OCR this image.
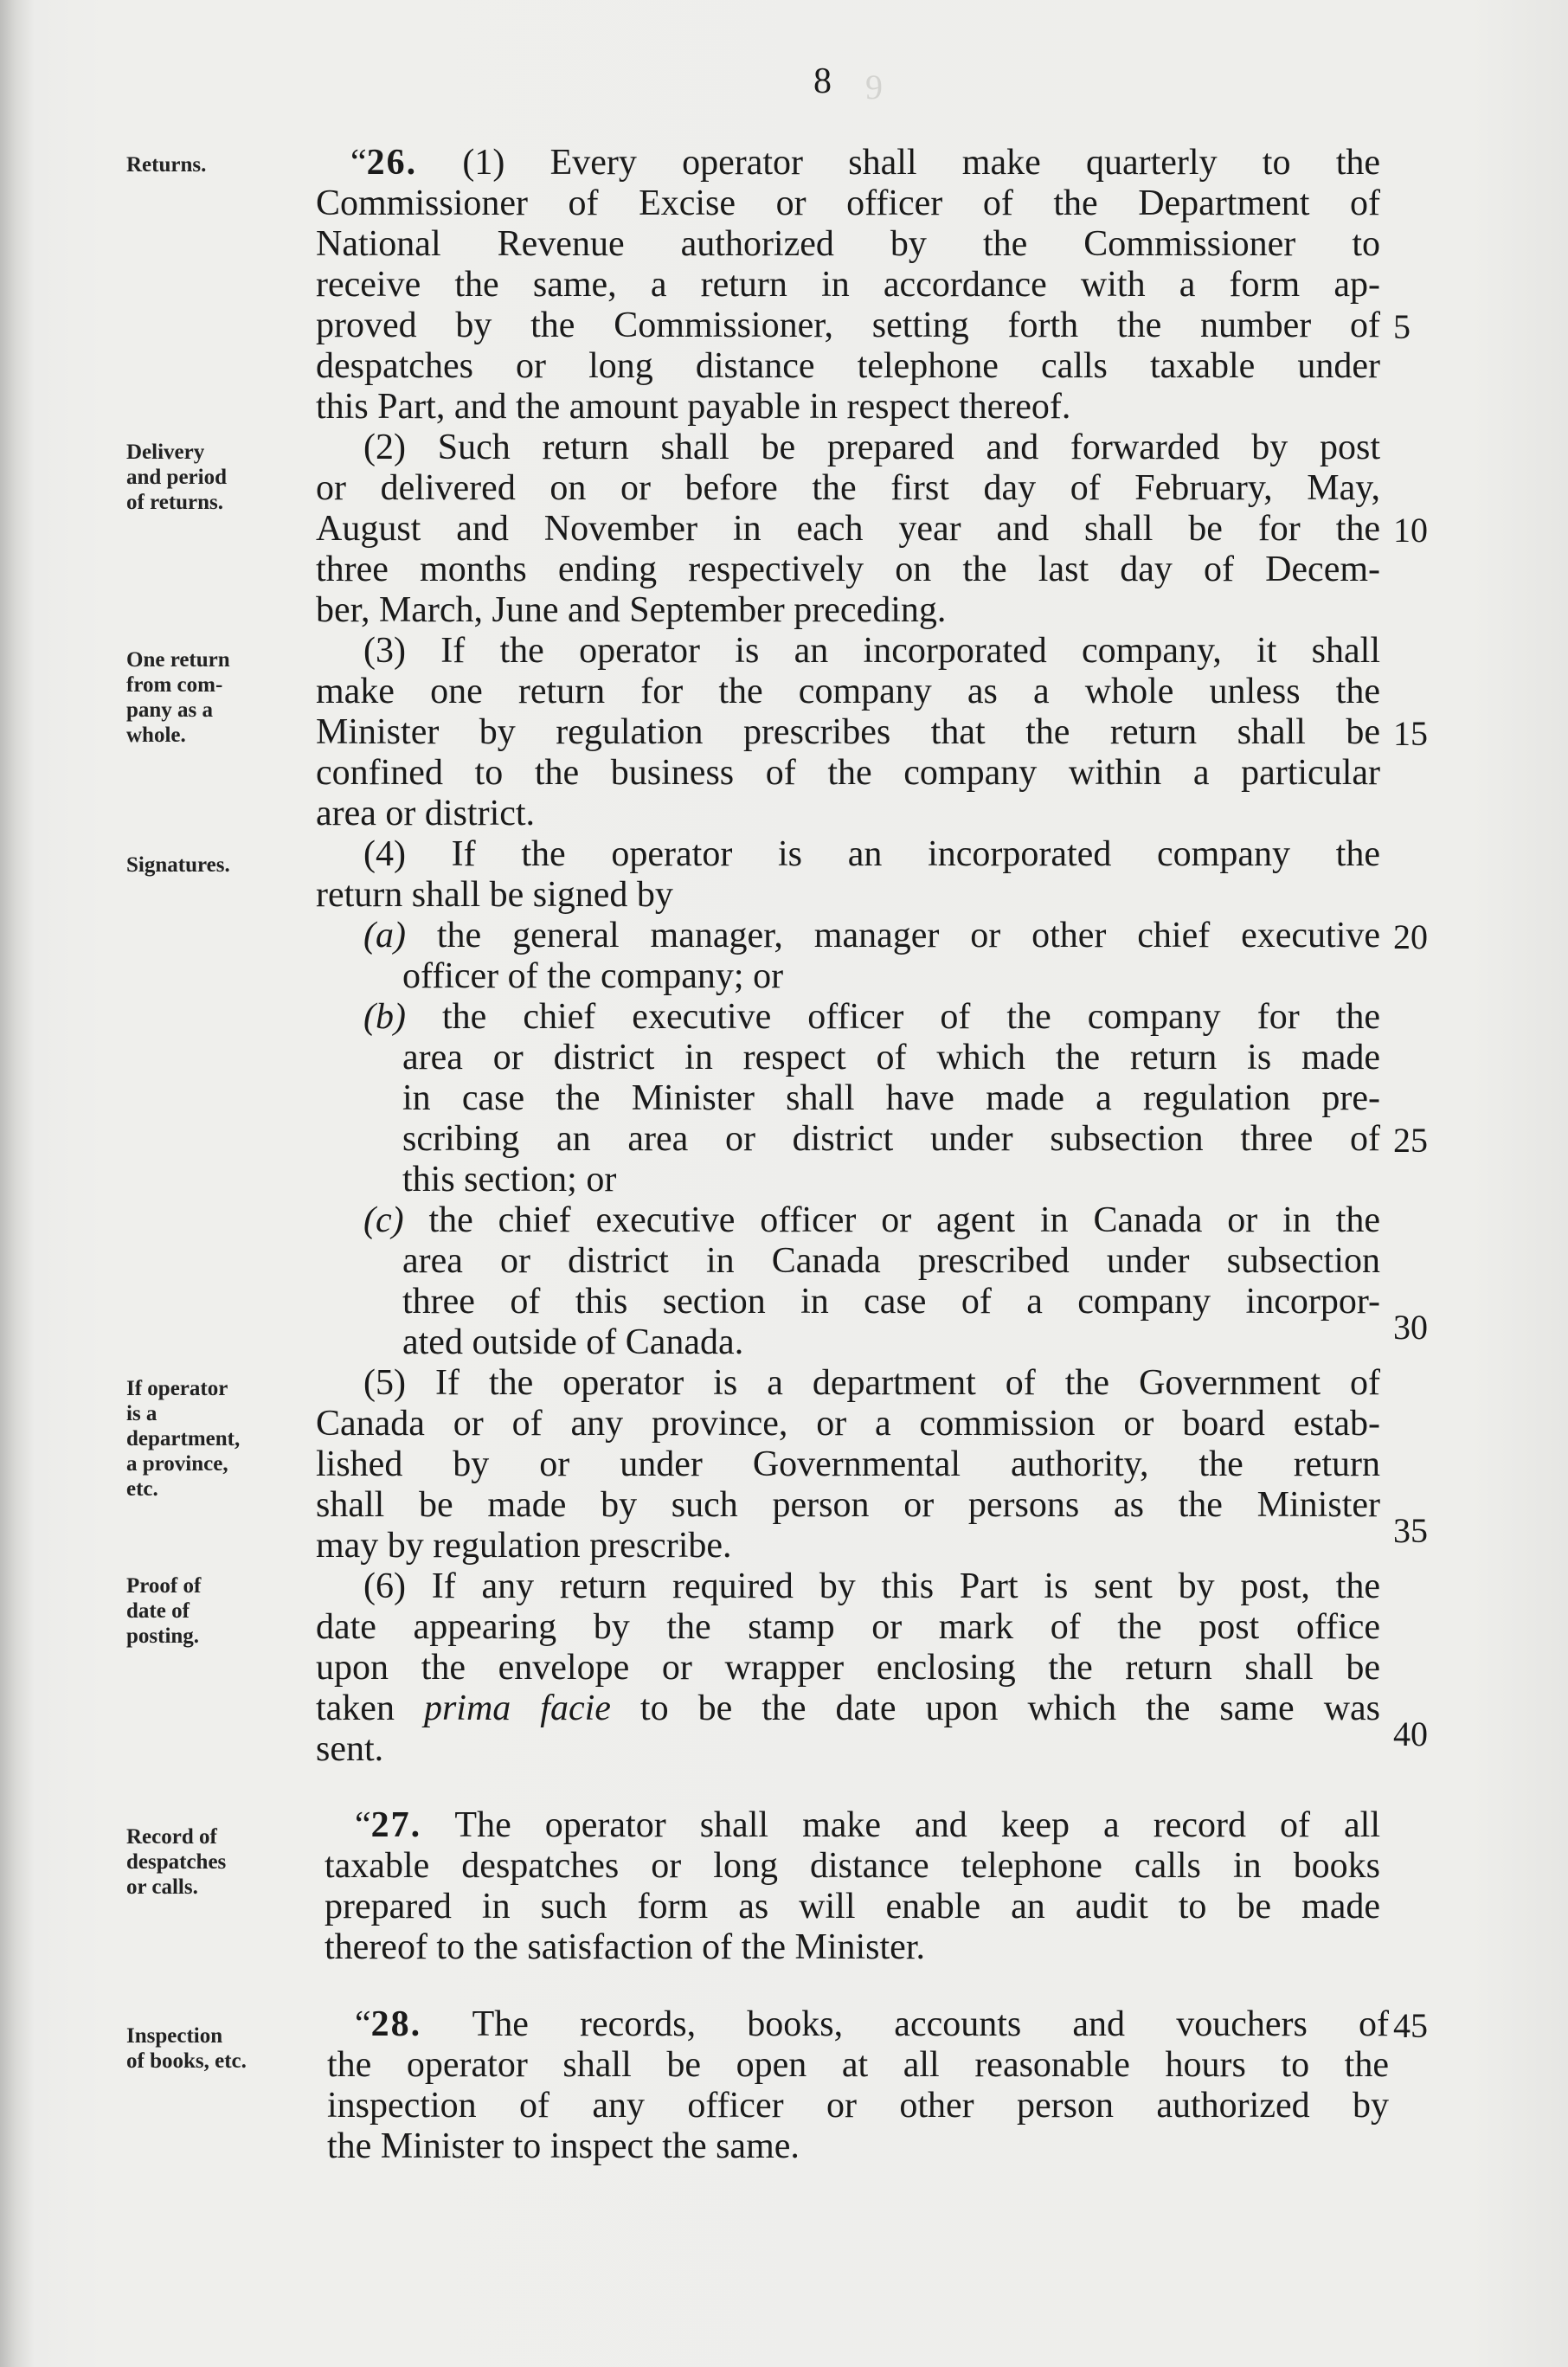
9
8
Returns.
Delivery
and period
of returns.
One return
from com-
pany as a
whole.
Signatures.
If operator
is a
department,
a province,
etc.
Proof of
date of
posting.
Record of
despatches
or calls.
Inspection
of books, etc.
“26. (1) Every operator shall make quarterly to the
Commissioner of Excise or officer of the Department of
National Revenue authorized by the Commissioner to
receive the same, a return in accordance with a form ap-
proved by the Commissioner, setting forth the number of
despatches or long distance telephone calls taxable under
this Part, and the amount payable in respect thereof.
(2) Such return shall be prepared and forwarded by post
or delivered on or before the first day of February, May,
August and November in each year and shall be for the
three months ending respectively on the last day of Decem-
ber, March, June and September preceding.
(3) If the operator is an incorporated company, it shall
make one return for the company as a whole unless the
Minister by regulation prescribes that the return shall be
confined to the business of the company within a particular
area or district.
(4) If the operator is an incorporated company the
return shall be signed by
(a) the general manager, manager or other chief executive
officer of the company; or
(b) the chief executive officer of the company for the
area or district in respect of which the return is made
in case the Minister shall have made a regulation pre-
scribing an area or district under subsection three of
this section; or
(c) the chief executive officer or agent in Canada or in the
area or district in Canada prescribed under subsection
three of this section in case of a company incorpor-
ated outside of Canada.
(5) If the operator is a department of the Government of
Canada or of any province, or a commission or board estab-
lished by or under Governmental authority, the return
shall be made by such person or persons as the Minister
may by regulation prescribe.
(6) If any return required by this Part is sent by post, the
date appearing by the stamp or mark of the post office
upon the envelope or wrapper enclosing the return shall be
taken prima facie to be the date upon which the same was
sent.
“27. The operator shall make and keep a record of all
taxable despatches or long distance telephone calls in books
prepared in such form as will enable an audit to be made
thereof to the satisfaction of the Minister.
“28. The records, books, accounts and vouchers of
the operator shall be open at all reasonable hours to the
inspection of any officer or other person authorized by
the Minister to inspect the same.
5
10
15
20
25
30
35
40
45
